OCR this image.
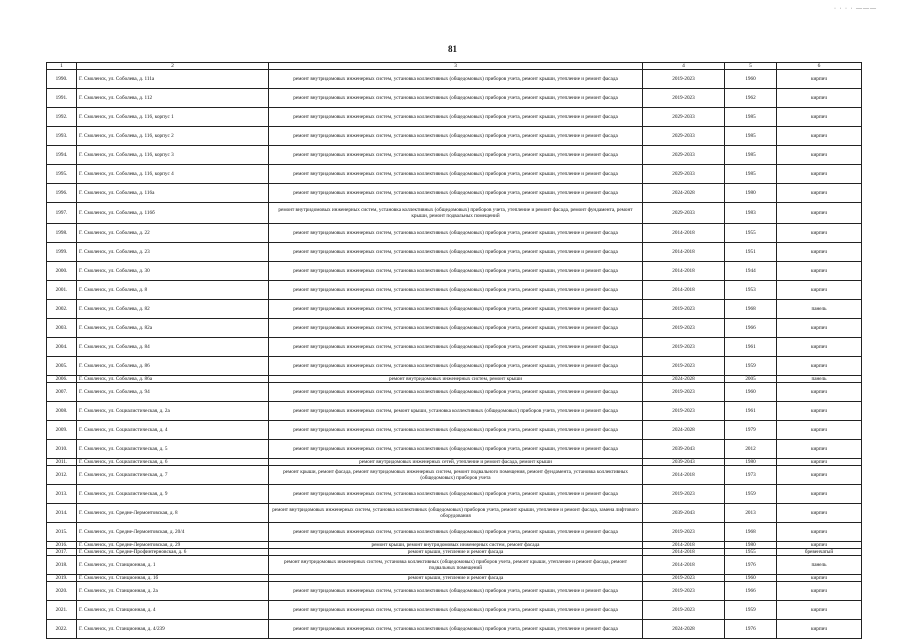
· · · · ———
81
1	2	3	4	5	6
1990.	Г. Смоленск, ул. Соболева, д. 111а	ремонт внутридомовых инженерных систем, установка коллективных (общедомовых) приборов учета, ремонт крыши, утепление и ремонт фасада	2019-2023	1960	кирпич
1991.	Г. Смоленск, ул. Соболева, д. 112	ремонт внутридомовых инженерных систем, установка коллективных (общедомовых) приборов учета, ремонт крыши, утепление и ремонт фасада	2019-2023	1962	кирпич
1992.	Г. Смоленск, ул. Соболева, д. 116, корпус 1	ремонт внутридомовых инженерных систем, установка коллективных (общедомовых) приборов учета, ремонт крыши, утепление и ремонт фасада	2029-2033	1985	кирпич
1993.	Г. Смоленск, ул. Соболева, д. 116, корпус 2	ремонт внутридомовых инженерных систем, установка коллективных (общедомовых) приборов учета, ремонт крыши, утепление и ремонт фасада	2029-2033	1985	кирпич
1994.	Г. Смоленск, ул. Соболева, д. 116, корпус 3	ремонт внутридомовых инженерных систем, установка коллективных (общедомовых) приборов учета, ремонт крыши, утепление и ремонт фасада	2029-2033	1985	кирпич
1995.	Г. Смоленск, ул. Соболева, д. 116, корпус 4	ремонт внутридомовых инженерных систем, установка коллективных (общедомовых) приборов учета, ремонт крыши, утепление и ремонт фасада	2029-2033	1985	кирпич
1996.	Г. Смоленск, ул. Соболева, д. 116а	ремонт внутридомовых инженерных систем, установка коллективных (общедомовых) приборов учета, ремонт крыши, утепление и ремонт фасада	2024-2028	1980	кирпич
1997.	Г. Смоленск, ул. Соболева, д. 116б	ремонт внутридомовых инженерных систем, установка коллективных (общедомовых) приборов учета, утепление и ремонт фасада, ремонт фундамента, ремонт крыши, ремонт подвальных помещений	2029-2033	1983	кирпич
1998.	Г. Смоленск, ул. Соболева, д. 22	ремонт внутридомовых инженерных систем, установка коллективных (общедомовых) приборов учета, ремонт крыши, утепление и ремонт фасада	2014-2018	1955	кирпич
1999.	Г. Смоленск, ул. Соболева, д. 23	ремонт внутридомовых инженерных систем, установка коллективных (общедомовых) приборов учета, ремонт крыши, утепление и ремонт фасада	2014-2018	1951	кирпич
2000.	Г. Смоленск, ул. Соболева, д. 30	ремонт внутридомовых инженерных систем, установка коллективных (общедомовых) приборов учета, ремонт крыши, утепление и ремонт фасада	2014-2018	1944	кирпич
2001.	Г. Смоленск, ул. Соболева, д. 8	ремонт внутридомовых инженерных систем, установка коллективных (общедомовых) приборов учета, ремонт крыши, утепление и ремонт фасада	2014-2018	1953	кирпич
2002.	Г. Смоленск, ул. Соболева, д. 82	ремонт внутридомовых инженерных систем, установка коллективных (общедомовых) приборов учета, ремонт крыши, утепление и ремонт фасада	2019-2023	1968	панель
2003.	Г. Смоленск, ул. Соболева, д. 82а	ремонт внутридомовых инженерных систем, установка коллективных (общедомовых) приборов учета, ремонт крыши, утепление и ремонт фасада	2019-2023	1966	кирпич
2004.	Г. Смоленск, ул. Соболева, д. 84	ремонт внутридомовых инженерных систем, установка коллективных (общедомовых) приборов учета, ремонт крыши, утепление и ремонт фасада	2019-2023	1961	кирпич
2005.	Г. Смоленск, ул. Соболева, д. 86	ремонт внутридомовых инженерных систем, установка коллективных (общедомовых) приборов учета, ремонт крыши, утепление и ремонт фасада	2019-2023	1959	кирпич
2006.	Г. Смоленск, ул. Соболева, д. 86а	ремонт внутридомовых инженерных систем, ремонт крыши	2024-2028	2005	панель
2007.	Г. Смоленск, ул. Соболева, д. 94	ремонт внутридомовых инженерных систем, установка коллективных (общедомовых) приборов учета, ремонт крыши, утепление и ремонт фасада	2019-2023	1960	кирпич
2008.	Г. Смоленск, ул. Социалистическая, д. 2а	ремонт внутридомовых инженерных систем, ремонт крыши, установка коллективных (общедомовых) приборов учета, утепление и ремонт фасада	2019-2023	1961	кирпич
2009.	Г. Смоленск, ул. Социалистическая, д. 4	ремонт внутридомовых инженерных систем, установка коллективных (общедомовых) приборов учета, ремонт крыши, утепление и ремонт фасада	2024-2028	1979	кирпич
2010.	Г. Смоленск, ул. Социалистическая, д. 5	ремонт внутридомовых инженерных систем, установка коллективных (общедомовых) приборов учета, ремонт крыши, утепление и ремонт фасада	2039-2043	2012	кирпич
2011.	Г. Смоленск, ул. Социалистическая, д. 6	ремонт внутридомовых инженерных сетей, утепление и ремонт фасада, ремонт крыши	2039-2043	1980	кирпич
2012.	Г. Смоленск, ул. Социалистическая, д. 7	ремонт крыши, ремонт фасада, ремонт внутридомовых инженерных систем, ремонт подвального помещения, ремонт фундамента, установка коллективных (общедомовых) приборов учета	2014-2018	1973	кирпич
2013.	Г. Смоленск, ул. Социалистическая, д. 9	ремонт внутридомовых инженерных систем, установка коллективных (общедомовых) приборов учета, ремонт крыши, утепление и ремонт фасада	2019-2023	1959	кирпич
2014.	Г. Смоленск, ул. Средне-Лермонтовская, д. 8	ремонт внутридомовых инженерных систем, установка коллективных (общедомовых) приборов учета, ремонт крыши, утепление и ремонт фасада, замена лифтового оборудования	2039-2043	2013	кирпич
2015.	Г. Смоленск, ул. Средне-Лермонтовская, д. 20/4	ремонт внутридомовых инженерных систем, установка коллективных (общедомовых) приборов учета, ремонт крыши, утепление и ремонт фасада	2019-2023	1968	кирпич
2016.	Г. Смоленск, ул. Средне-Лермонтовская, д. 29	ремонт крыши, ремонт внутридомовых инженерных систем, ремонт фасада	2014-2018	1980	кирпич
2017.	Г. Смоленск, ул. Средне-Профинтерновская, д. 6	ремонт крыши, утепление и ремонт фасада	2014-2018	1955	бревенчатый
2018.	Г. Смоленск, ул. Станционная, д. 1	ремонт внутридомовых инженерных систем, установка коллективных (общедомовых) приборов учета, ремонт крыши, утепление и ремонт фасада, ремонт подвальных помещений	2014-2018	1976	панель
2019.	Г. Смоленск, ул. Станционная, д. 1б	ремонт крыши, утепление и ремонт фасада	2019-2023	1960	кирпич
2020.	Г. Смоленск, ул. Станционная, д. 2а	ремонт внутридомовых инженерных систем, установка коллективных (общедомовых) приборов учета, ремонт крыши, утепление и ремонт фасада	2019-2023	1966	кирпич
2021.	Г. Смоленск, ул. Станционная, д. 4	ремонт внутридомовых инженерных систем, установка коллективных (общедомовых) приборов учета, ремонт крыши, утепление и ремонт фасада	2019-2023	1959	кирпич
2022.	Г. Смоленск, ул. Станционная, д. 4/239	ремонт внутридомовых инженерных систем, установка коллективных (общедомовых) приборов учета, ремонт крыши, утепление и ремонт фасада	2024-2028	1976	кирпич
